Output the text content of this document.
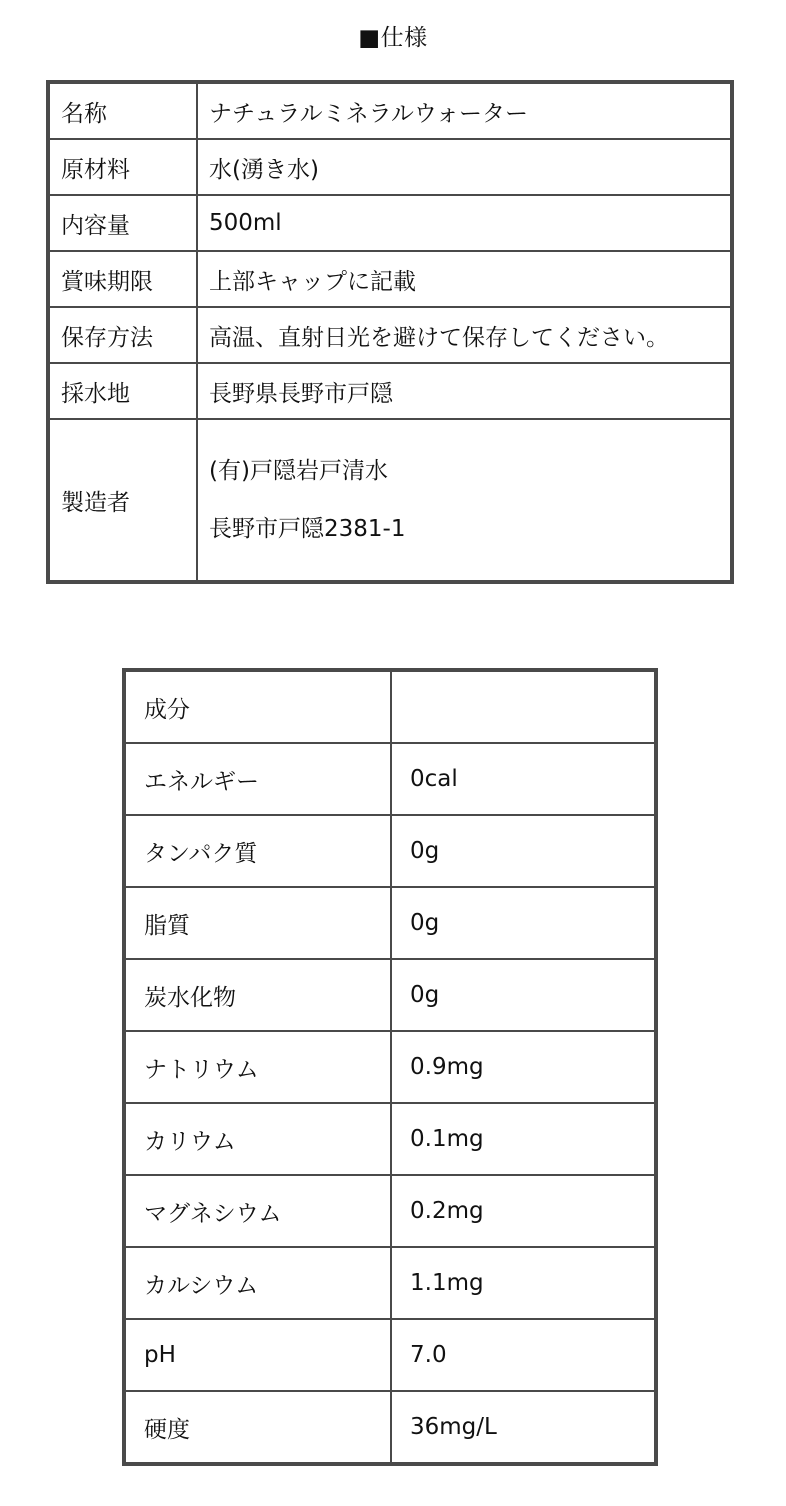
■仕様
名称	ナチュラルミネラルウォーター
原材料	水(湧き水)
内容量	500ml
賞味期限	上部キャップに記載
保存方法	高温、直射日光を避けて保存してください。
採水地	長野県長野市戸隠
製造者	(有)戸隠岩戸清水
長野市戸隠2381-1
成分	
エネルギー	0cal
タンパク質	0g
脂質	0g
炭水化物	0g
ナトリウム	0.9mg
カリウム	0.1mg
マグネシウム	0.2mg
カルシウム	1.1mg
pH	7.0
硬度	36mg/L
